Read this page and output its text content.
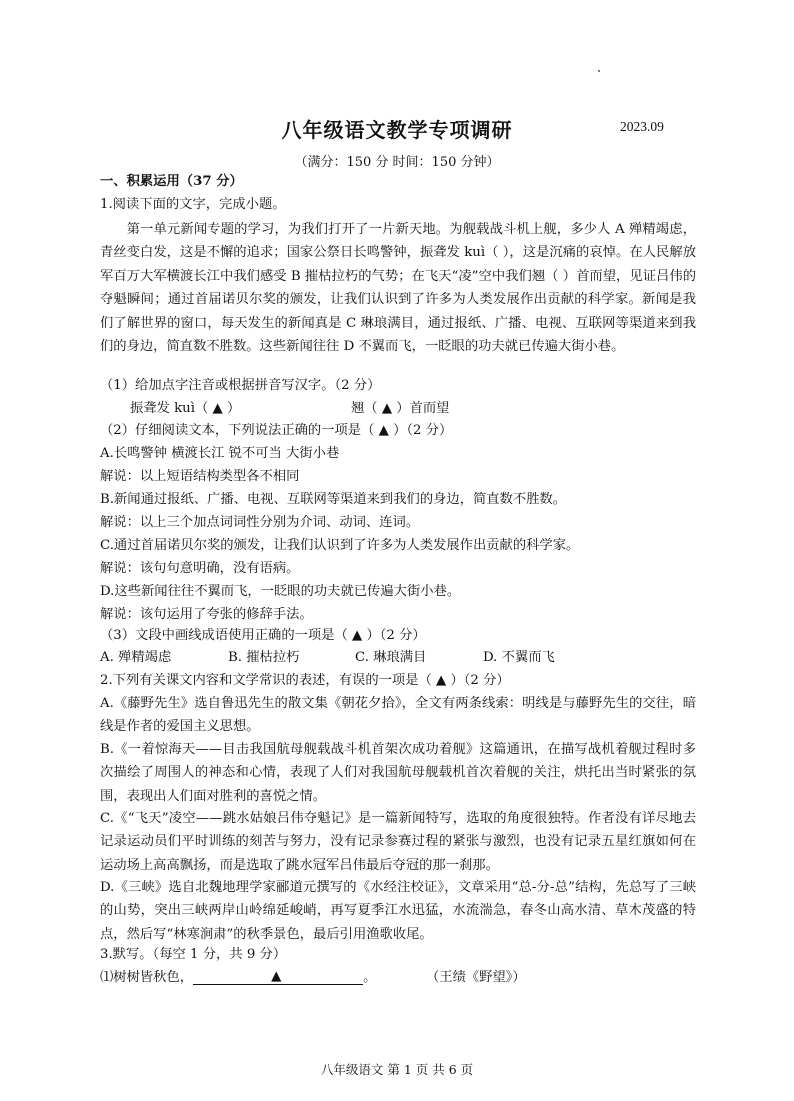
八年级语文教学专项调研	2023.09
（满分：150 分 时间：150 分钟）
一、积累运用（37 分）
1.阅读下面的文字，完成小题。
第一单元新闻专题的学习，为我们打开了一片新天地。为舰载战斗机上舰，多少人 A 殚精竭虑，青丝变白发，这是不懈的追求；国家公祭日长鸣警钟，振聋发 kuì（ ），这是沉痛的哀悼。在人民解放军百万大军横渡长江中我们感受 B 摧枯拉朽的气势；在飞天“凌”空中我们翘（ ）首而望，见证吕伟的夺魁瞬间；通过首届诺贝尔奖的颁发，让我们认识到了许多为人类发展作出贡献的科学家。新闻是我们了解世界的窗口，每天发生的新闻真是 C 琳琅满目，通过报纸、广播、电视、互联网等渠道来到我们的身边，简直数不胜数。这些新闻往往 D 不翼而飞，一眨眼的功夫就已传遍大街小巷。
（1）给加点字注音或根据拼音写汉字。（2 分）
振聋发 kuì（ ▲ ）	翘（ ▲ ）首而望
（2）仔细阅读文本，下列说法正确的一项是（ ▲ ）（2 分）
A.长鸣警钟 横渡长江 锐不可当 大街小巷
解说：以上短语结构类型各不相同
B.新闻通过报纸、广播、电视、互联网等渠道来到我们的身边，简直数不胜数。
解说：以上三个加点词词性分别为介词、动词、连词。
C.通过首届诺贝尔奖的颁发，让我们认识到了许多为人类发展作出贡献的科学家。
解说：该句句意明确，没有语病。
D.这些新闻往往不翼而飞，一眨眼的功夫就已传遍大街小巷。
解说：该句运用了夸张的修辞手法。
（3）文段中画线成语使用正确的一项是（ ▲ ）（2 分）
A. 殚精竭虑	B. 摧枯拉朽	C. 琳琅满目	D. 不翼而飞
2.下列有关课文内容和文学常识的表述，有误的一项是（ ▲ ）（2 分）
A.《藤野先生》选自鲁迅先生的散文集《朝花夕拾》，全文有两条线索：明线是与藤野先生的交往，暗线是作者的爱国主义思想。
B.《一着惊海天——目击我国航母舰载战斗机首架次成功着舰》这篇通讯，在描写战机着舰过程时多次描绘了周围人的神态和心情，表现了人们对我国航母舰载机首次着舰的关注，烘托出当时紧张的氛围，表现出人们面对胜利的喜悦之情。
C.《“飞天”凌空——跳水姑娘吕伟夺魁记》是一篇新闻特写，选取的角度很独特。作者没有详尽地去记录运动员们平时训练的刻苦与努力，没有记录参赛过程的紧张与激烈，也没有记录五星红旗如何在运动场上高高飘扬，而是选取了跳水冠军吕伟最后夺冠的那一刹那。
D.《三峡》选自北魏地理学家郦道元撰写的《水经注校证》，文章采用“总-分-总”结构，先总写了三峡的山势，突出三峡两岸山岭绵延峻峭，再写夏季江水迅猛，水流湍急，春冬山高水清、草木茂盛的特点，然后写“林寒涧肃”的秋季景色，最后引用渔歌收尾。
3.默写。（每空 1 分，共 9 分）
⑴树树皆秋色，	▲	。	（王绩《野望》）
八年级语文 第 1 页 共 6 页
